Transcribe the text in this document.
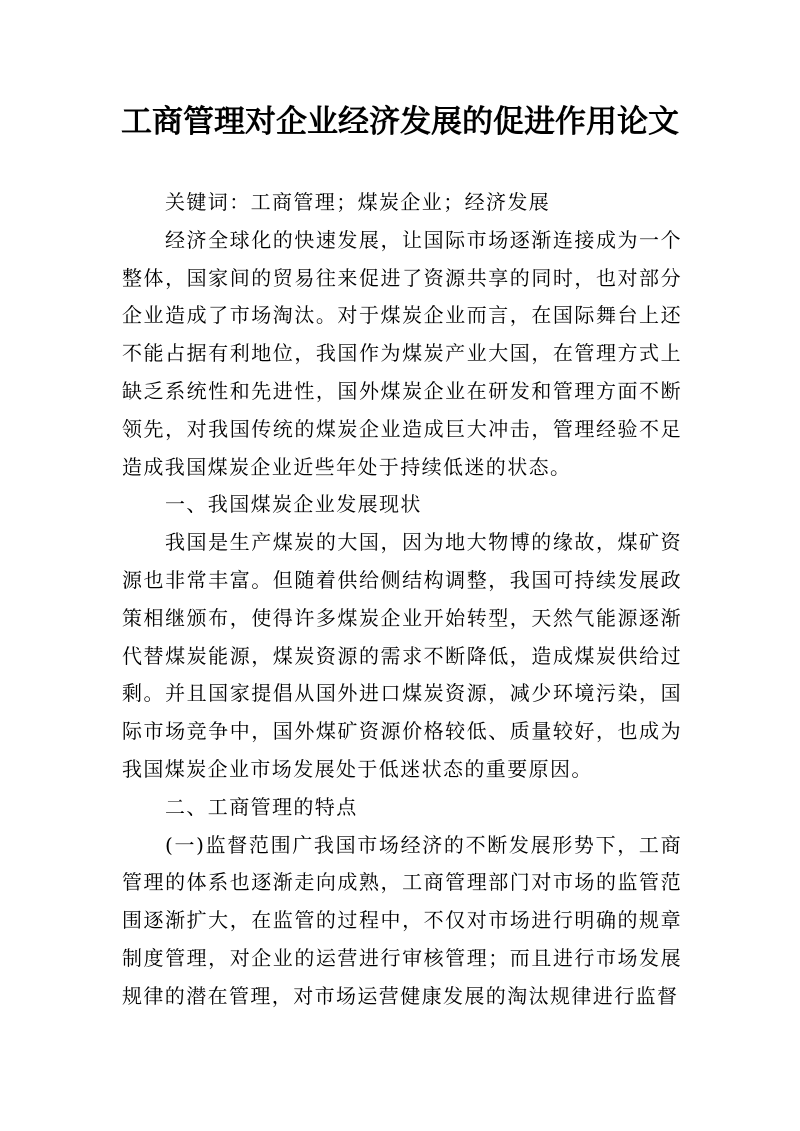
工商管理对企业经济发展的促进作用论文

关键词：工商管理；煤炭企业；经济发展

经济全球化的快速发展，让国际市场逐渐连接成为一个整体，国家间的贸易往来促进了资源共享的同时，也对部分企业造成了市场淘汰。对于煤炭企业而言，在国际舞台上还不能占据有利地位，我国作为煤炭产业大国，在管理方式上缺乏系统性和先进性，国外煤炭企业在研发和管理方面不断领先，对我国传统的煤炭企业造成巨大冲击，管理经验不足造成我国煤炭企业近些年处于持续低迷的状态。

一、我国煤炭企业发展现状

我国是生产煤炭的大国，因为地大物博的缘故，煤矿资源也非常丰富。但随着供给侧结构调整，我国可持续发展政策相继颁布，使得许多煤炭企业开始转型，天然气能源逐渐代替煤炭能源，煤炭资源的需求不断降低，造成煤炭供给过剩。并且国家提倡从国外进口煤炭资源，减少环境污染，国际市场竞争中，国外煤矿资源价格较低、质量较好，也成为我国煤炭企业市场发展处于低迷状态的重要原因。

二、工商管理的特点

(一)监督范围广我国市场经济的不断发展形势下，工商管理的体系也逐渐走向成熟，工商管理部门对市场的监管范围逐渐扩大，在监管的过程中，不仅对市场进行明确的规章制度管理，对企业的运营进行审核管理；而且进行市场发展规律的潜在管理，对市场运营健康发展的淘汰规律进行监督
